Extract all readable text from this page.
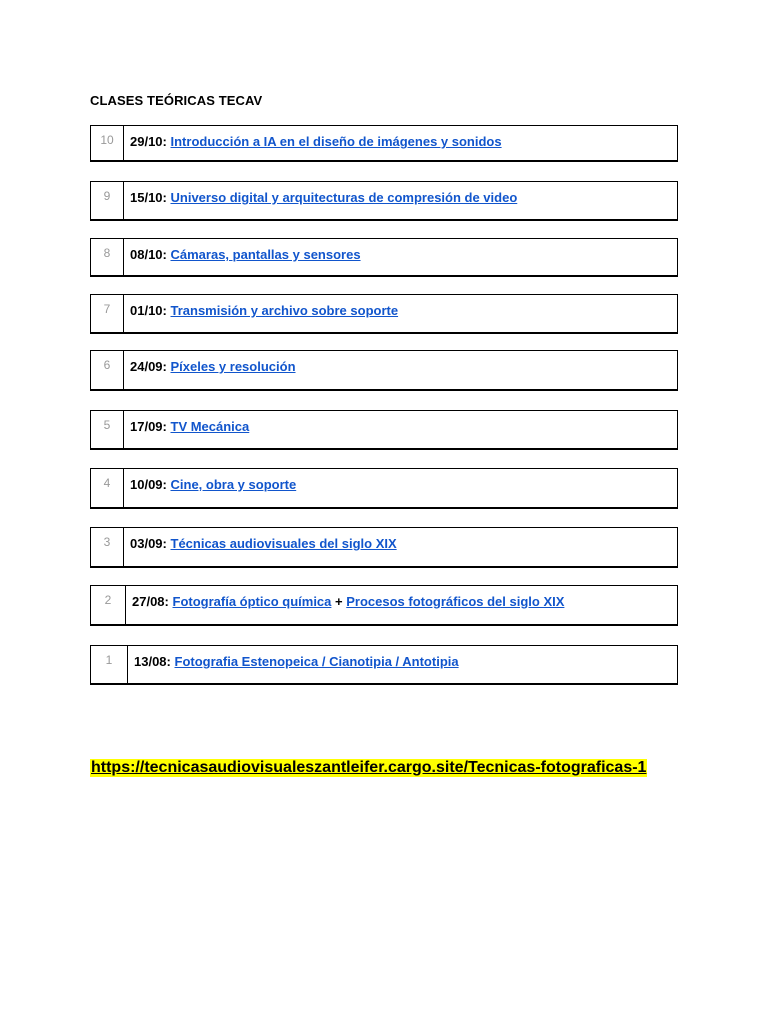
CLASES TEÓRICAS TECAV
10	29/10: Introducción a IA en el diseño de imágenes y sonidos
9	15/10: Universo digital y arquitecturas de compresión de video
8	08/10: Cámaras, pantallas y sensores
7	01/10: Transmisión y archivo sobre soporte
6	24/09: Píxeles y resolución
5	17/09: TV Mecánica
4	10/09: Cine, obra y soporte
3	03/09: Técnicas audiovisuales del siglo XIX
2	27/08: Fotografía óptico química + Procesos fotográficos del siglo XIX
1	13/08: Fotografia Estenopeica / Cianotipia / Antotipia
https://tecnicasaudiovisualeszantleifer.cargo.site/Tecnicas-fotograficas-1
